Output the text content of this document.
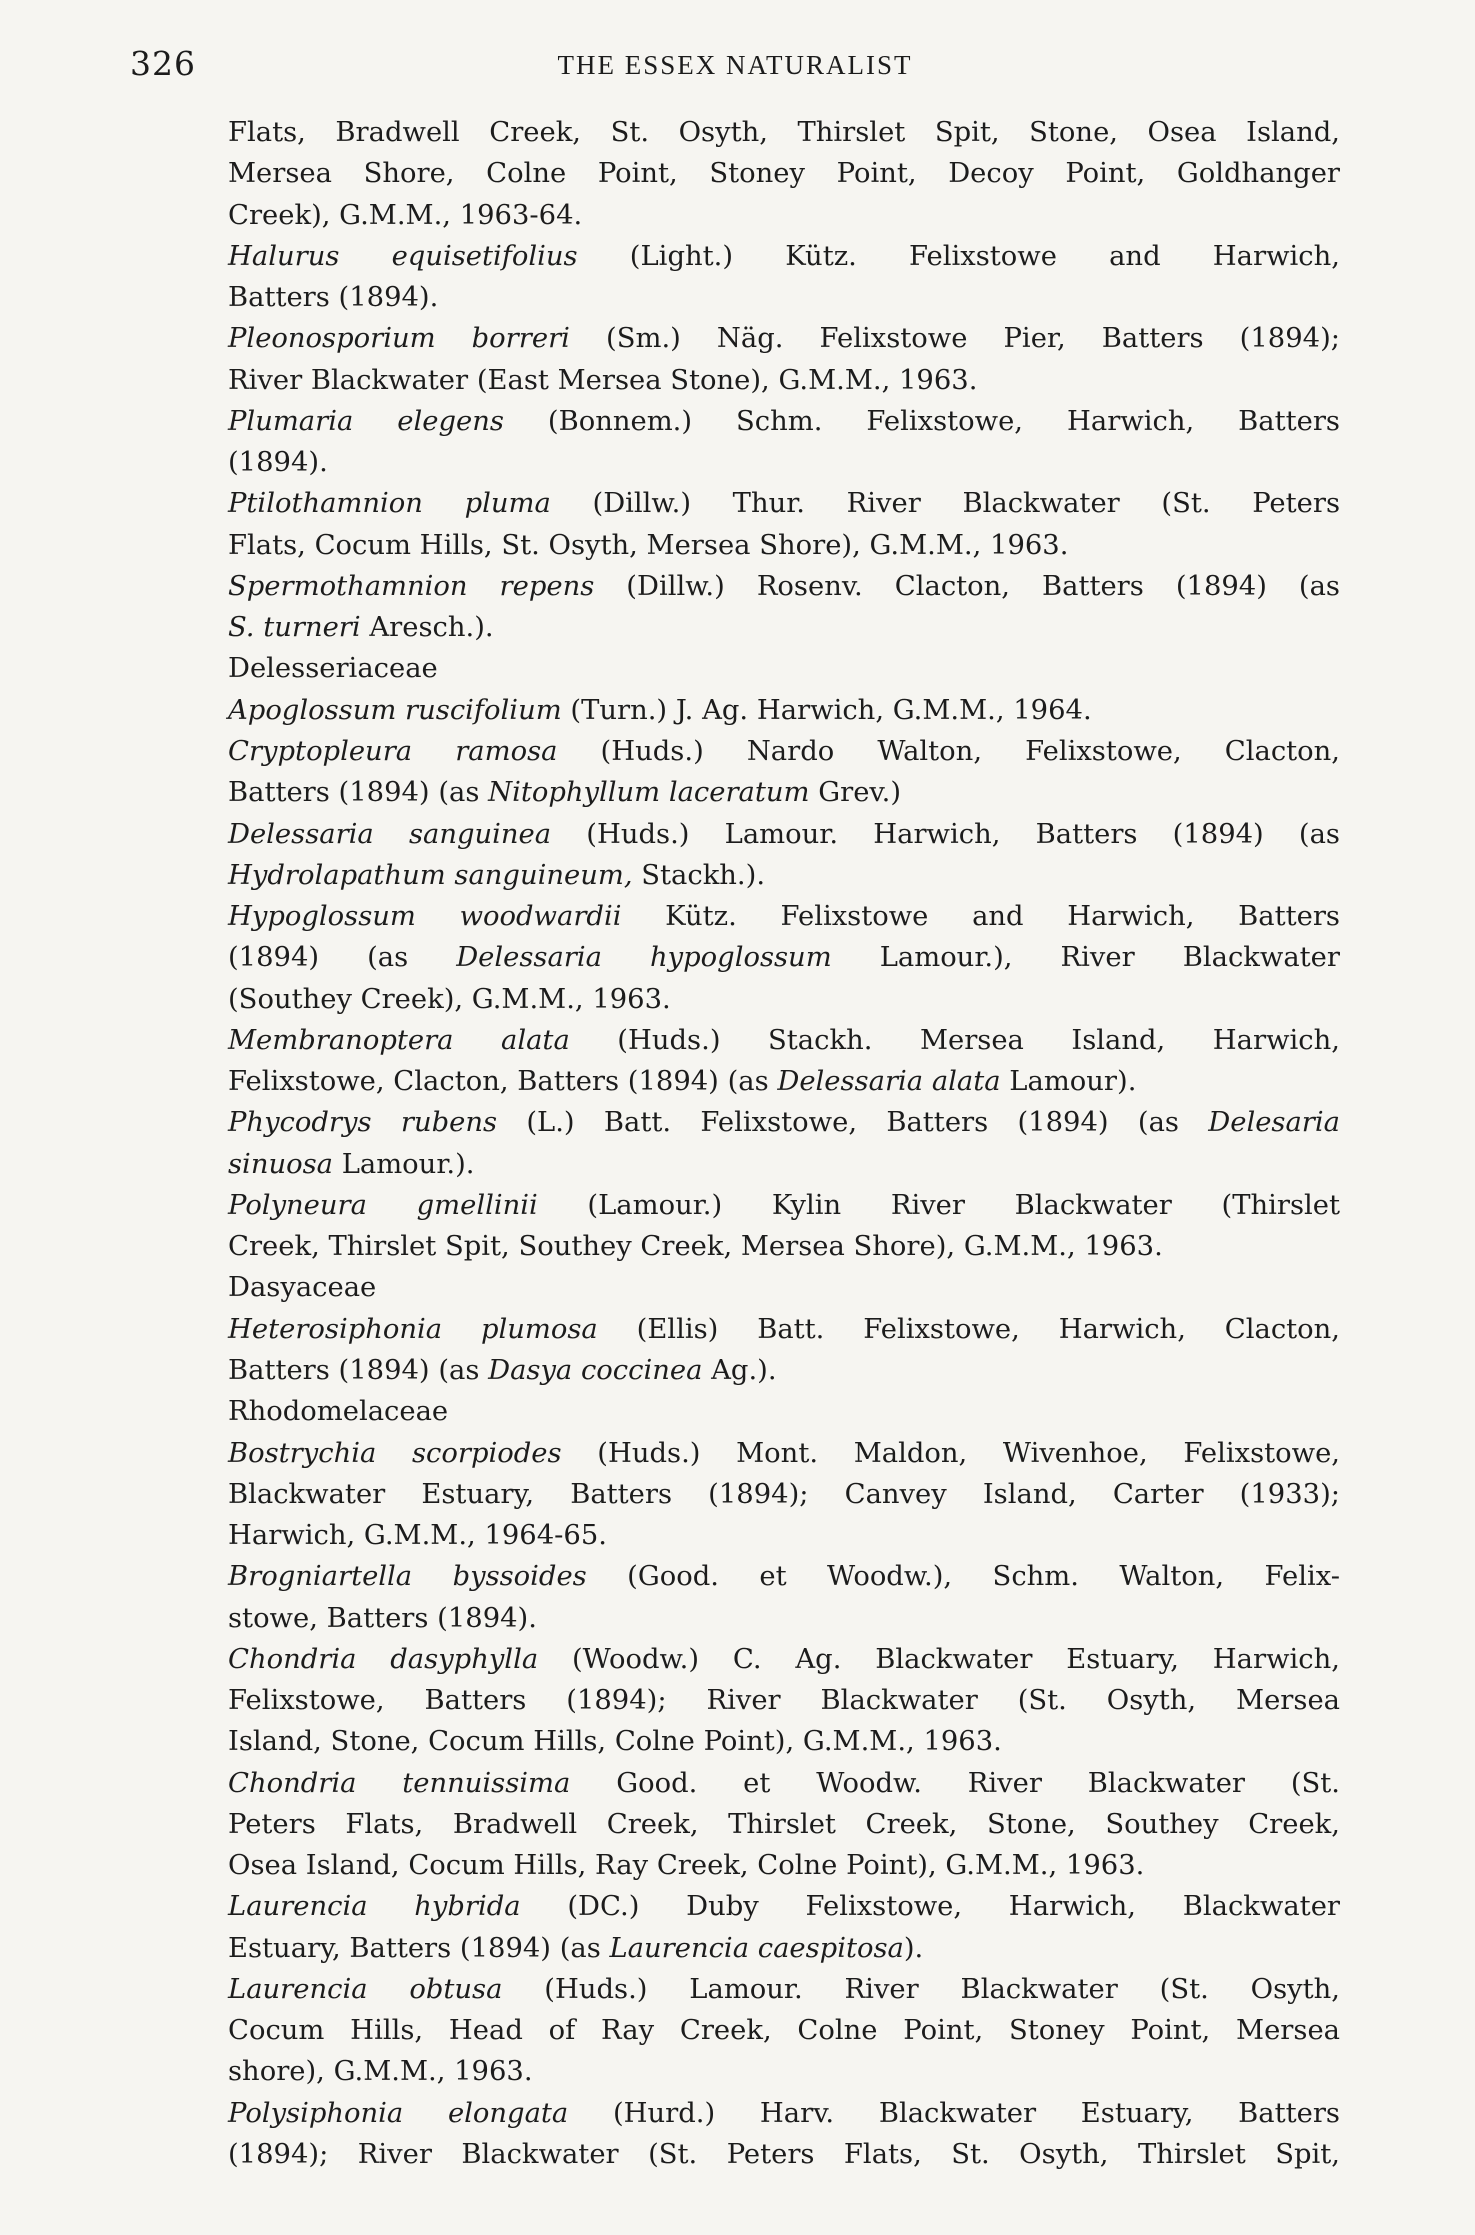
326	THE ESSEX NATURALIST
Flats, Bradwell Creek, St. Osyth, Thirslet Spit, Stone, Osea Island,
Mersea Shore, Colne Point, Stoney Point, Decoy Point, Goldhanger
Creek), G.M.M., 1963-64.
Halurus equisetifolius (Light.) Kütz. Felixstowe and Harwich,
Batters (1894).
Pleonosporium borreri (Sm.) Näg. Felixstowe Pier, Batters (1894);
River Blackwater (East Mersea Stone), G.M.M., 1963.
Plumaria elegens (Bonnem.) Schm. Felixstowe, Harwich, Batters
(1894).
Ptilothamnion pluma (Dillw.) Thur. River Blackwater (St. Peters
Flats, Cocum Hills, St. Osyth, Mersea Shore), G.M.M., 1963.
Spermothamnion repens (Dillw.) Rosenv. Clacton, Batters (1894) (as
S. turneri Aresch.).
Delesseriaceae
Apoglossum ruscifolium (Turn.) J. Ag. Harwich, G.M.M., 1964.
Cryptopleura ramosa (Huds.) Nardo Walton, Felixstowe, Clacton,
Batters (1894) (as Nitophyllum laceratum Grev.)
Delessaria sanguinea (Huds.) Lamour. Harwich, Batters (1894) (as
Hydrolapathum sanguineum, Stackh.).
Hypoglossum woodwardii Kütz. Felixstowe and Harwich, Batters
(1894) (as Delessaria hypoglossum Lamour.), River Blackwater
(Southey Creek), G.M.M., 1963.
Membranoptera alata (Huds.) Stackh. Mersea Island, Harwich,
Felixstowe, Clacton, Batters (1894) (as Delessaria alata Lamour).
Phycodrys rubens (L.) Batt. Felixstowe, Batters (1894) (as Delesaria
sinuosa Lamour.).
Polyneura gmellinii (Lamour.) Kylin River Blackwater (Thirslet
Creek, Thirslet Spit, Southey Creek, Mersea Shore), G.M.M., 1963.
Dasyaceae
Heterosiphonia plumosa (Ellis) Batt. Felixstowe, Harwich, Clacton,
Batters (1894) (as Dasya coccinea Ag.).
Rhodomelaceae
Bostrychia scorpiodes (Huds.) Mont. Maldon, Wivenhoe, Felixstowe,
Blackwater Estuary, Batters (1894); Canvey Island, Carter (1933);
Harwich, G.M.M., 1964-65.
Brogniartella byssoides (Good. et Woodw.), Schm. Walton, Felix-
stowe, Batters (1894).
Chondria dasyphylla (Woodw.) C. Ag. Blackwater Estuary, Harwich,
Felixstowe, Batters (1894); River Blackwater (St. Osyth, Mersea
Island, Stone, Cocum Hills, Colne Point), G.M.M., 1963.
Chondria tennuissima Good. et Woodw. River Blackwater (St.
Peters Flats, Bradwell Creek, Thirslet Creek, Stone, Southey Creek,
Osea Island, Cocum Hills, Ray Creek, Colne Point), G.M.M., 1963.
Laurencia hybrida (DC.) Duby Felixstowe, Harwich, Blackwater
Estuary, Batters (1894) (as Laurencia caespitosa).
Laurencia obtusa (Huds.) Lamour. River Blackwater (St. Osyth,
Cocum Hills, Head of Ray Creek, Colne Point, Stoney Point, Mersea
shore), G.M.M., 1963.
Polysiphonia elongata (Hurd.) Harv. Blackwater Estuary, Batters
(1894); River Blackwater (St. Peters Flats, St. Osyth, Thirslet Spit,
